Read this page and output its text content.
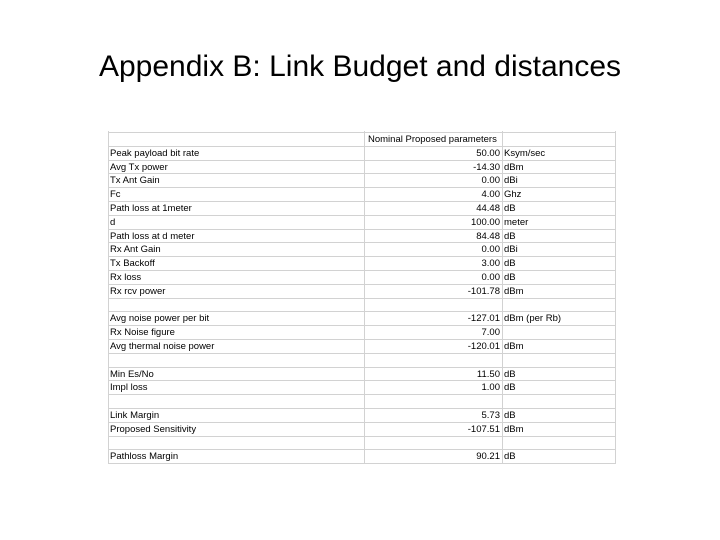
Appendix B: Link Budget and distances
Nominal Proposed parameters
Peak payload bit rate	50.00 Ksym/sec
Avg Tx power	-14.30 dBm
Tx Ant Gain	0.00 dBi
Fc	4.00 Ghz
Path loss at 1meter	44.48 dB
d	100.00 meter
Path loss at d meter	84.48 dB
Rx Ant Gain	0.00 dBi
Tx Backoff	3.00 dB
Rx loss	0.00 dB
Rx rcv power	-101.78 dBm
Avg noise power per bit	-127.01 dBm (per Rb)
Rx Noise figure	7.00
Avg thermal noise power	-120.01 dBm
Min Es/No	11.50 dB
Impl loss	1.00 dB
Link Margin	5.73 dB
Proposed Sensitivity	-107.51 dBm
Pathloss Margin	90.21 dB
